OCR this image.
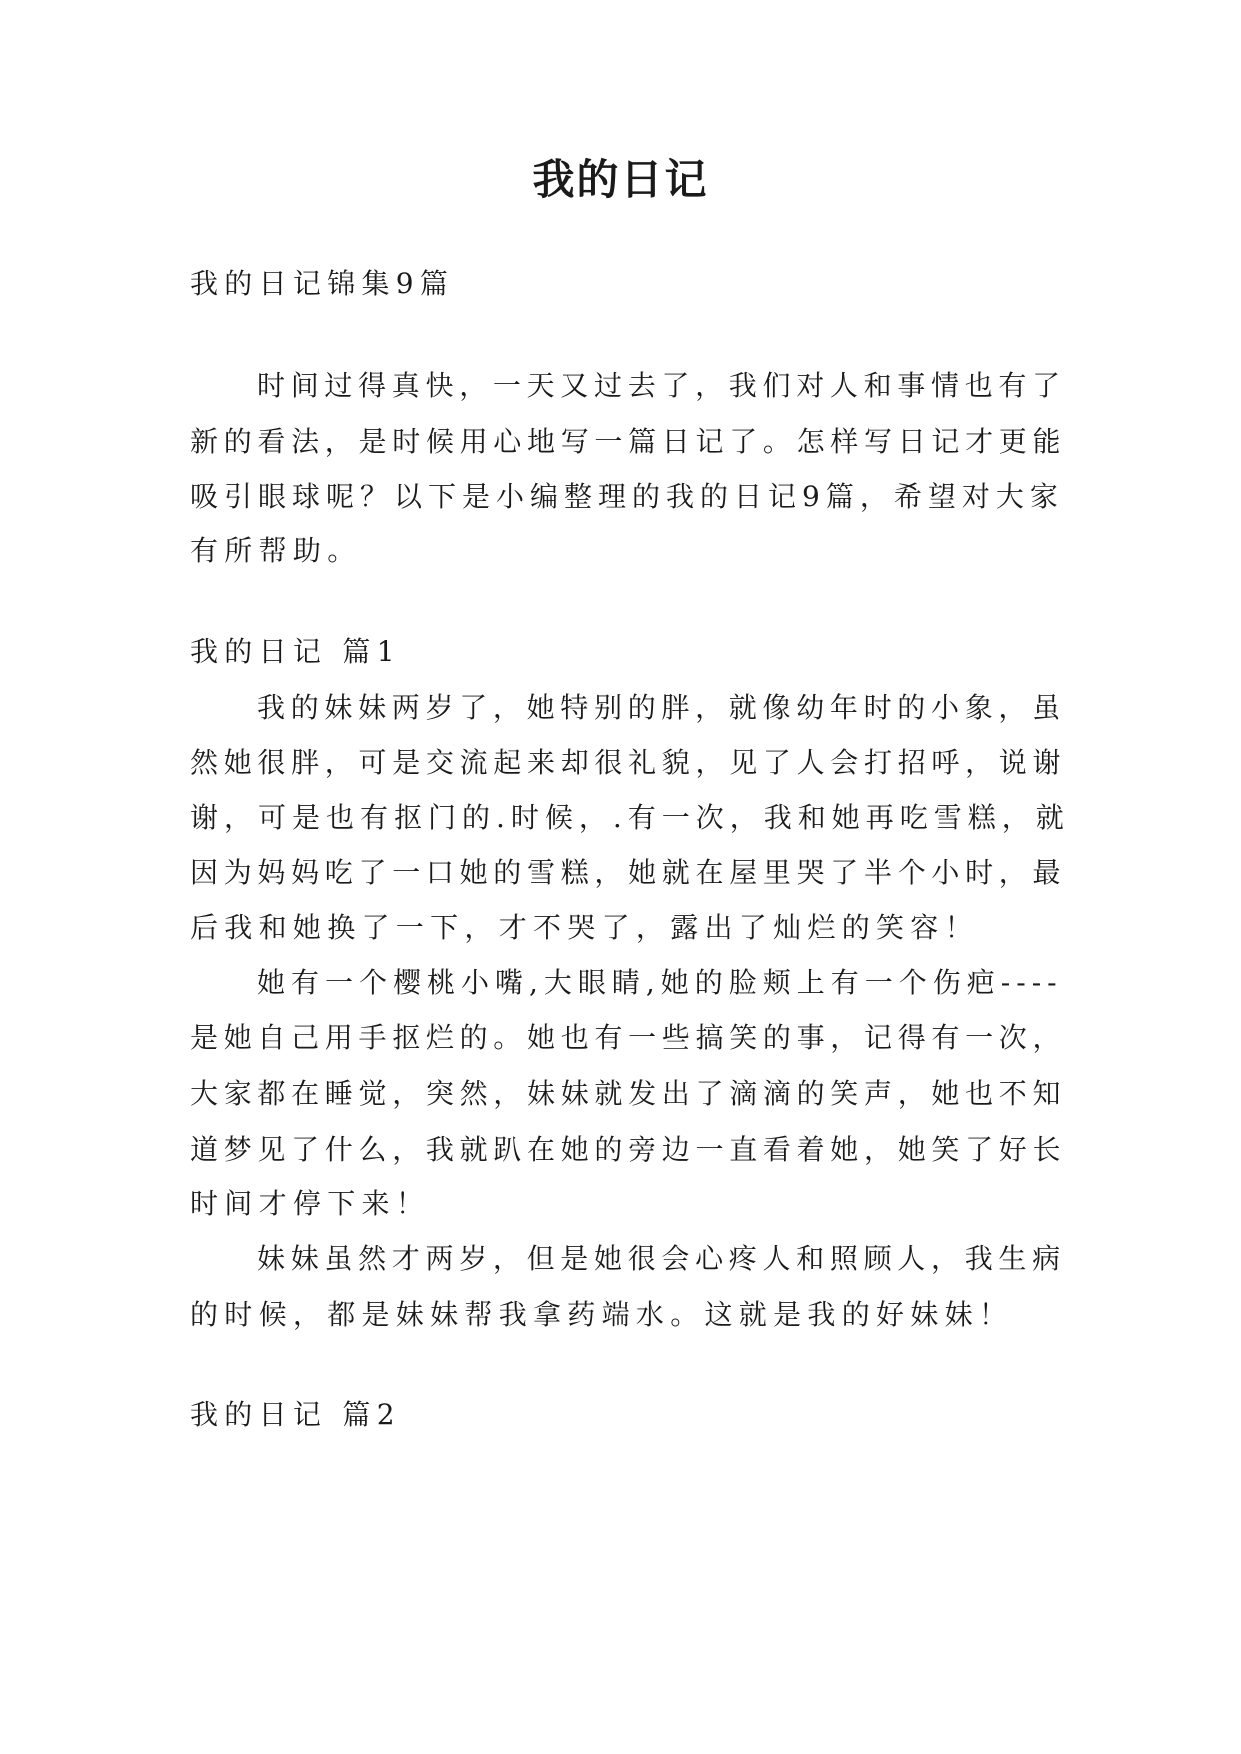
我的日记
我的日记锦集9篇
时间过得真快，一天又过去了，我们对人和事情也有了
新的看法，是时候用心地写一篇日记了。怎样写日记才更能
吸引眼球呢？以下是小编整理的我的日记9篇，希望对大家
有所帮助。
我的日记 篇1
我的妹妹两岁了，她特别的胖，就像幼年时的小象，虽
然她很胖，可是交流起来却很礼貌，见了人会打招呼，说谢
谢，可是也有抠门的.时候，.有一次，我和她再吃雪糕，就
因为妈妈吃了一口她的雪糕，她就在屋里哭了半个小时，最
后我和她换了一下，才不哭了，露出了灿烂的笑容！
她有一个樱桃小嘴,大眼睛,她的脸颊上有一个伤疤----
是她自己用手抠烂的。她也有一些搞笑的事，记得有一次，
大家都在睡觉，突然，妹妹就发出了滴滴的笑声，她也不知
道梦见了什么，我就趴在她的旁边一直看着她，她笑了好长
时间才停下来！
妹妹虽然才两岁，但是她很会心疼人和照顾人，我生病
的时候，都是妹妹帮我拿药端水。这就是我的好妹妹！
我的日记 篇2
